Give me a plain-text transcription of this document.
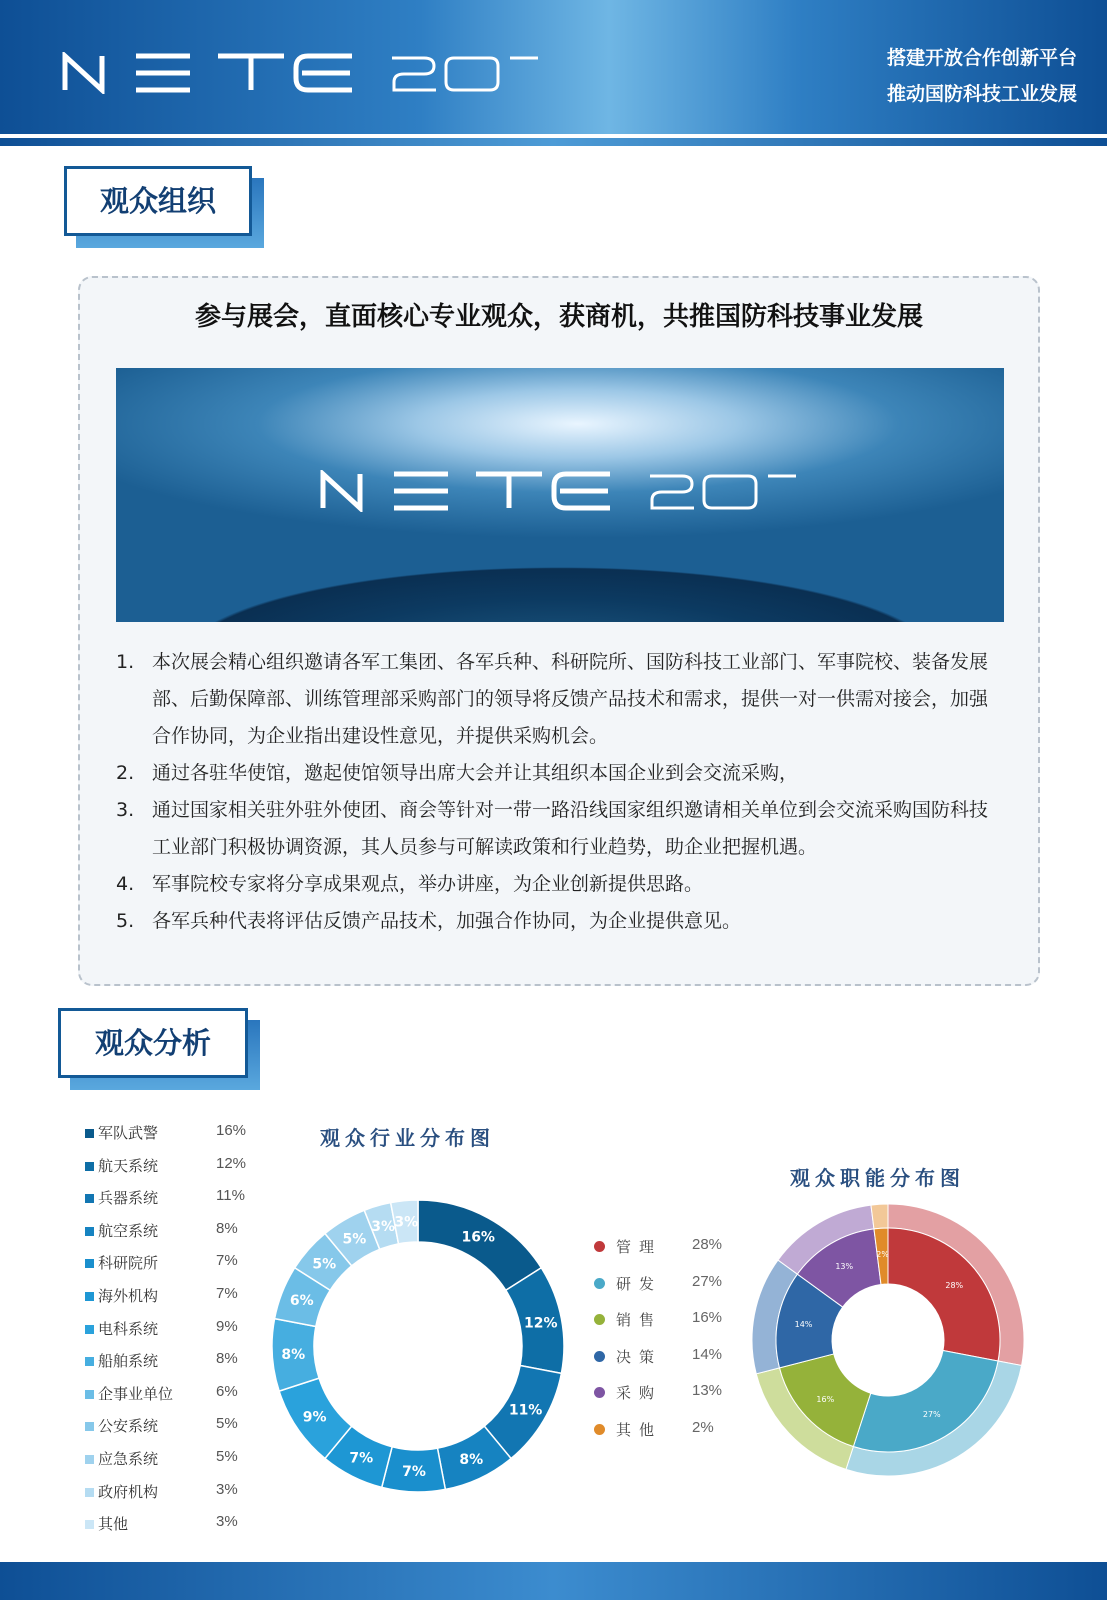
搭建开放合作创新平台
推动国防科技工业发展
观众组织
参与展会，直面核心专业观众，获商机，共推国防科技事业发展
1. 本次展会精心组织邀请各军工集团、各军兵种、科研院所、国防科技工业部门、军事院校、装备发展部、后勤保障部、训练管理部采购部门的领导将反馈产品技术和需求，提供一对一供需对接会，加强合作协同，为企业指出建设性意见，并提供采购机会。
2. 通过各驻华使馆，邀起使馆领导出席大会并让其组织本国企业到会交流采购，
3. 通过国家相关驻外驻外使团、商会等针对一带一路沿线国家组织邀请相关单位到会交流采购国防科技工业部门积极协调资源，其人员参与可解读政策和行业趋势，助企业把握机遇。
4. 军事院校专家将分享成果观点，举办讲座，为企业创新提供思路。
5. 各军兵种代表将评估反馈产品技术，加强合作协同，为企业提供意见。
观众分析
军队武警	16%
航天系统	12%
兵器系统	11%
航空系统	8%
科研院所	7%
海外机构	7%
电科系统	9%
船舶系统	8%
企事业单位	6%
公安系统	5%
应急系统	5%
政府机构	3%
其他	3%
观众行业分布图
16%
12%
11%
8%
7%
7%
9%
8%
6%
5%
5%
3% 3%
观众职能分布图
管理 28%
研发 27%
销售 16%
决策 14%
采购 13%
其他 2%
28%
27%
16%
14%
13%
2%
